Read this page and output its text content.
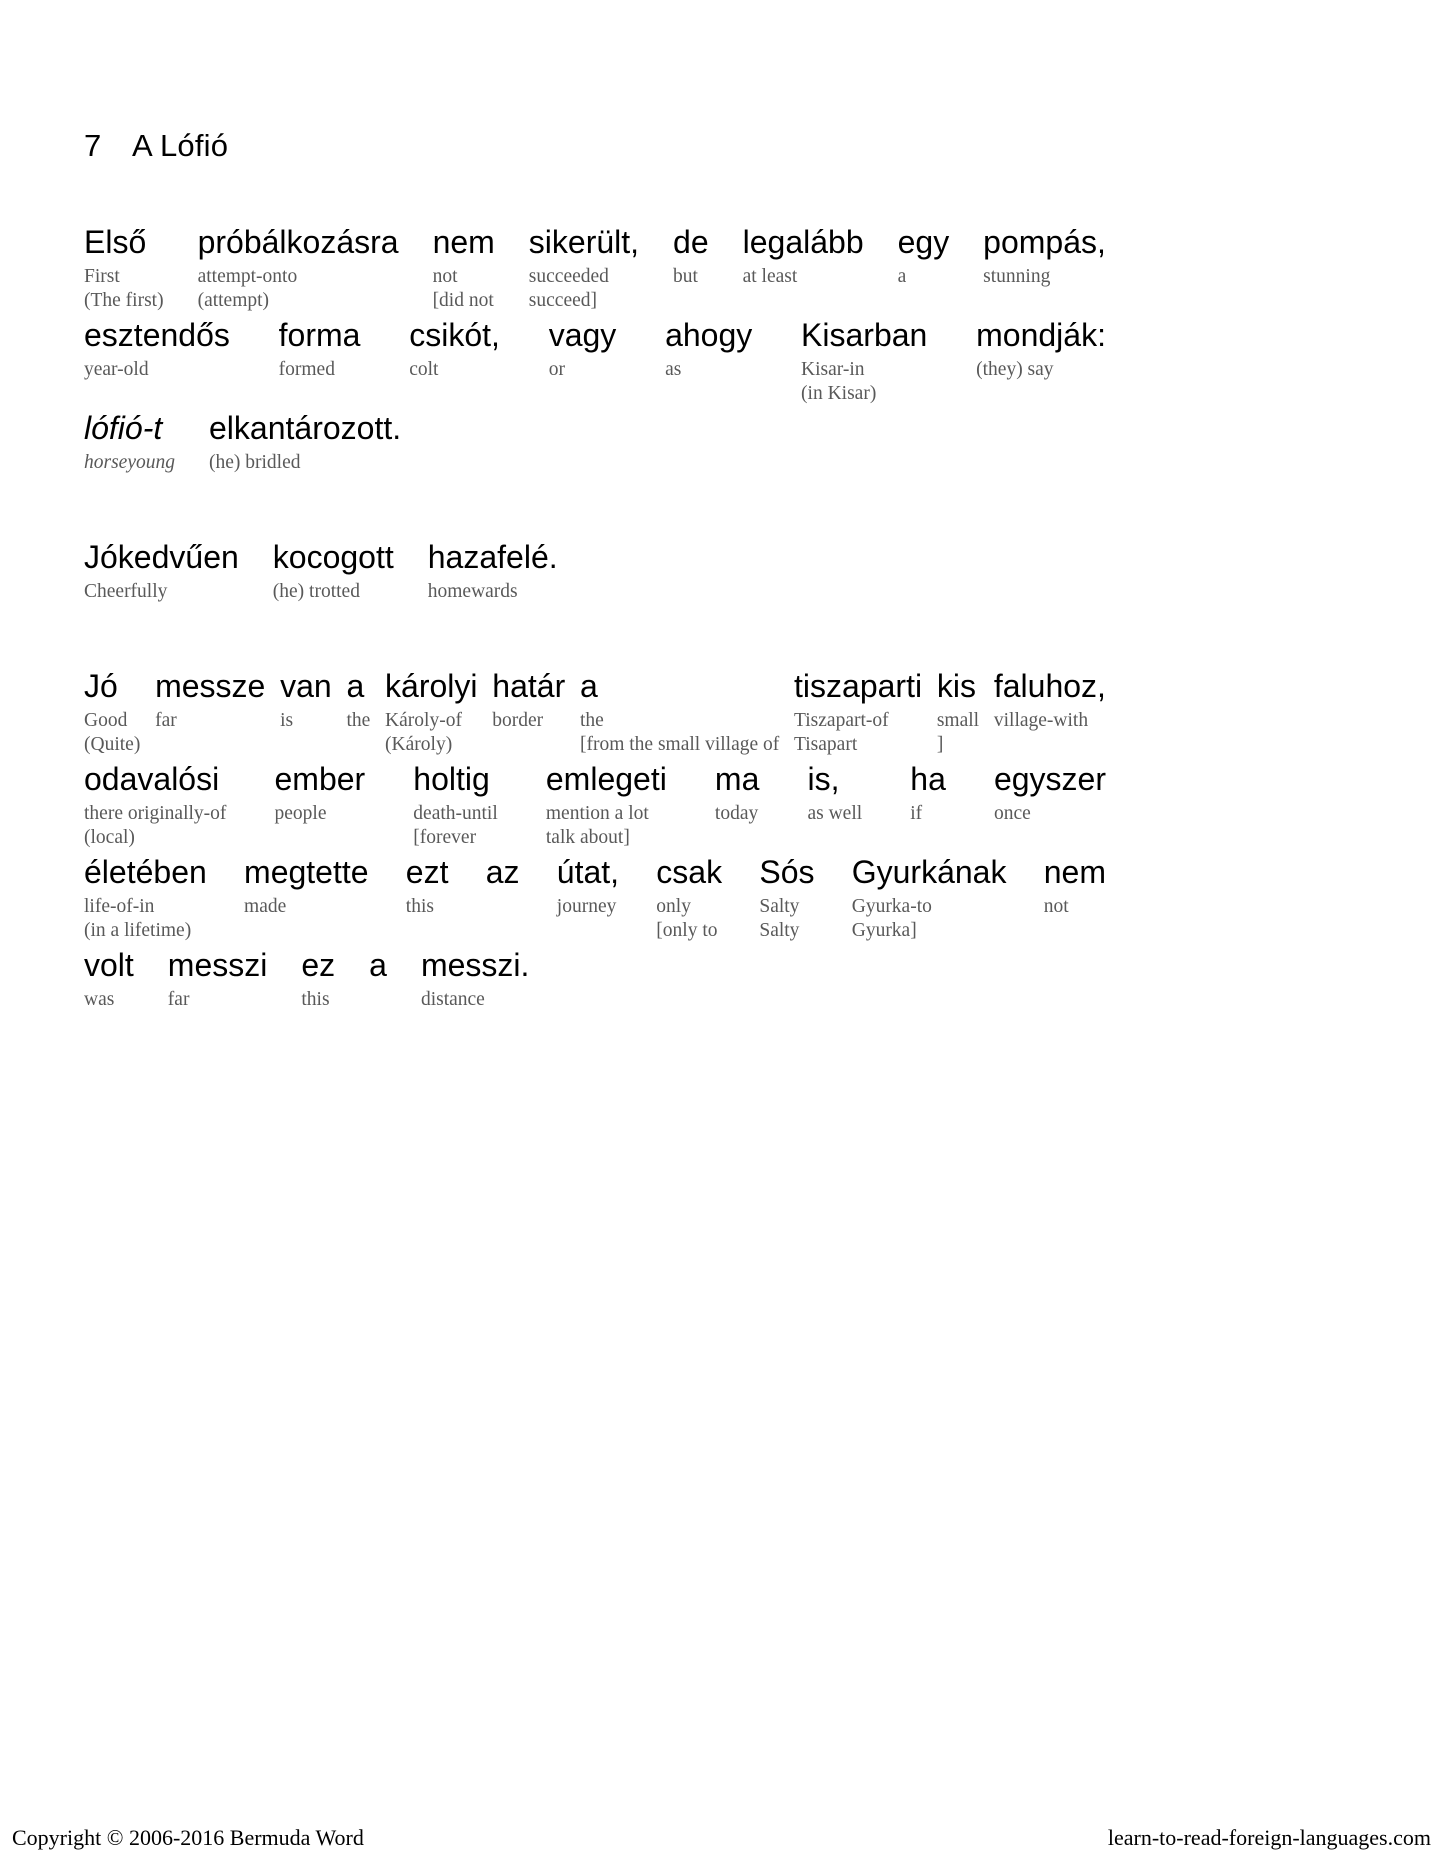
7 A Lófió
Első
First
(The first)
próbálkozásra
attempt-onto
(attempt)
nem
not
[did not
sikerült,
succeeded
succeed]
de
but

legalább
at least

egy
a

pompás,
stunning

esztendős
year-old

forma
formed

csikót,
colt

vagy
or

ahogy
as

Kisarban
Kisar-in
(in Kisar)
mondják:
(they) say

lófió-t
horseyoung
elkantározott.
(he) bridled
Jókedvűen
Cheerfully
kocogott
(he) trotted
hazafelé.
homewards
Jó
Good
(Quite)
messze
far

van
is

a
the

károlyi
Károly-of
(Károly)
határ
border

a
the
[from the small village of
tiszaparti
Tiszapart-of
Tisapart
kis
small
]
faluhoz,
village-with

odavalósi
there originally-of
(local)
ember
people

holtig
death-until
[forever
emlegeti
mention a lot
talk about]
ma
today

is,
as well

ha
if

egyszer
once

életében
life-of-in
(in a lifetime)
megtette
made

ezt
this

az

útat,
journey

csak
only
[only to
Sós
Salty
Salty
Gyurkának
Gyurka-to
Gyurka]
nem
not

volt
was
messzi
far
ez
this
a
messzi.
distance
Copyright © 2006-2016 Bermuda Word	learn-to-read-foreign-languages.com
